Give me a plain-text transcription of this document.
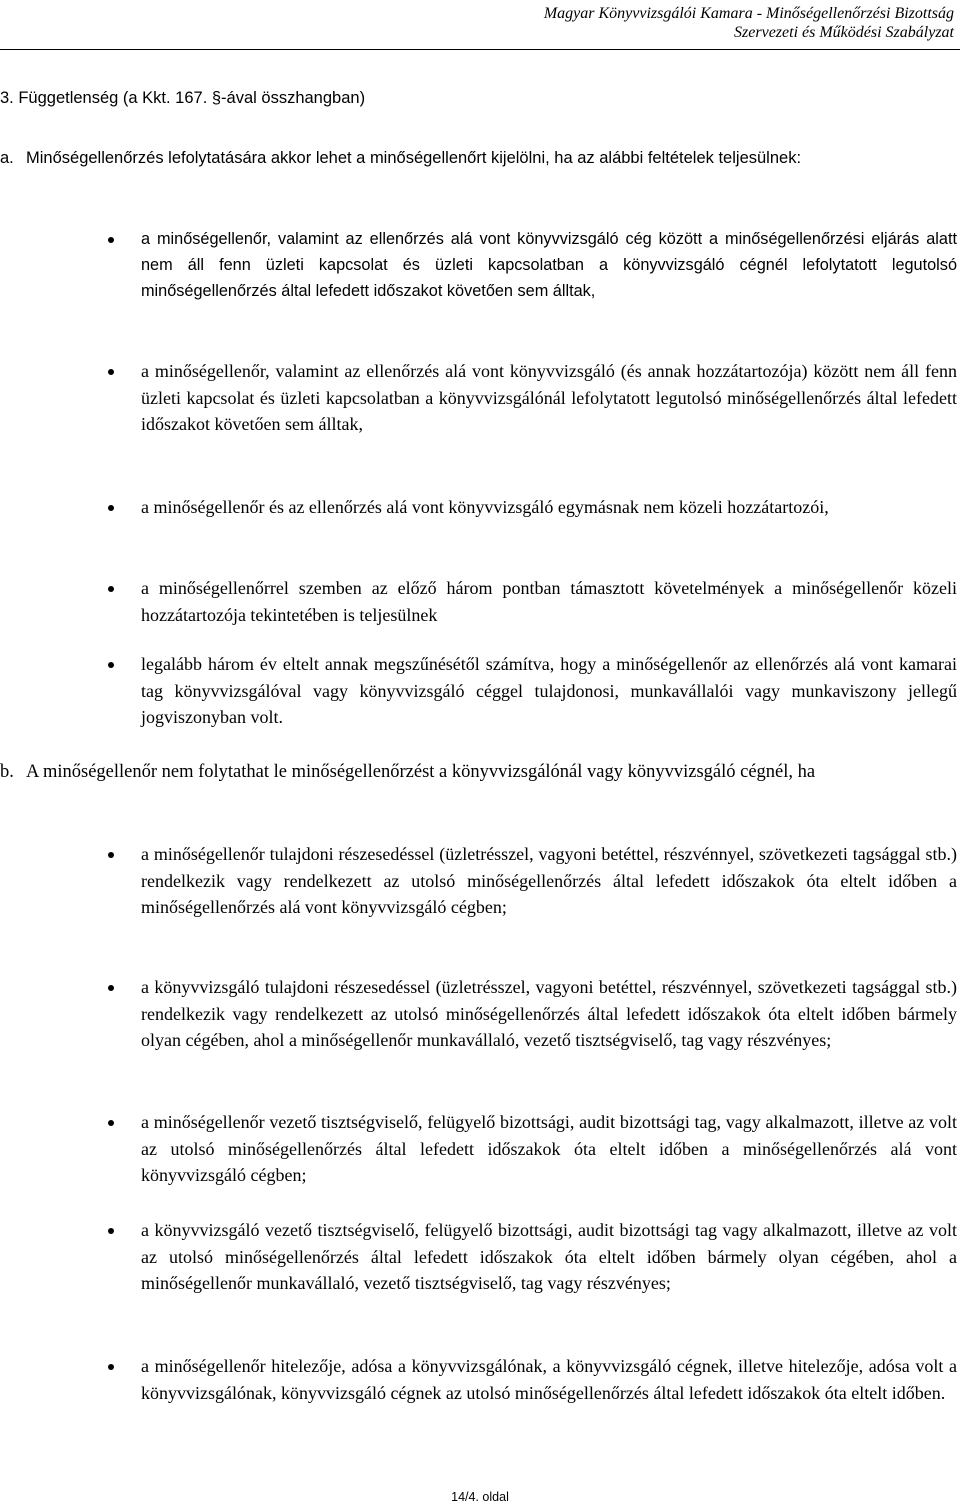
Magyar Könyvvizsgálói Kamara - Minőségellenőrzési Bizottság
Szervezeti és Működési Szabályzat
3. Függetlenség (a Kkt. 167. §-ával összhangban)
a. Minőségellenőrzés lefolytatására akkor lehet a minőségellenőrt kijelölni, ha az alábbi feltételek teljesülnek:
a minőségellenőr, valamint az ellenőrzés alá vont könyvvizsgáló cég között a minőségellenőrzési eljárás alatt nem áll fenn üzleti kapcsolat és üzleti kapcsolatban a könyvvizsgáló cégnél lefolytatott legutolsó minőségellenőrzés által lefedett időszakot követően sem álltak,
a minőségellenőr, valamint az ellenőrzés alá vont könyvvizsgáló (és annak hozzátartozója) között nem áll fenn üzleti kapcsolat és üzleti kapcsolatban a könyvvizsgálónál lefolytatott legutolsó minőségellenőrzés által lefedett időszakot követően sem álltak,
a minőségellenőr és az ellenőrzés alá vont könyvvizsgáló egymásnak nem közeli hozzátartozói,
a minőségellenőrrel szemben az előző három pontban támasztott követelmények a minőségellenőr közeli hozzátartozója tekintetében is teljesülnek
legalább három év eltelt annak megszűnésétől számítva, hogy a minőségellenőr az ellenőrzés alá vont kamarai tag könyvvizsgálóval vagy könyvvizsgáló céggel tulajdonosi, munkavállalói vagy munkaviszony jellegű jogviszonyban volt.
b. A minőségellenőr nem folytathat le minőségellenőrzést a könyvvizsgálónál vagy könyvvizsgáló cégnél, ha
a minőségellenőr tulajdoni részesedéssel (üzletrésszel, vagyoni betéttel, részvénnyel, szövetkezeti tagsággal stb.) rendelkezik vagy rendelkezett az utolsó minőségellenőrzés által lefedett időszakok óta eltelt időben a minőségellenőrzés alá vont könyvvizsgáló cégben;
a könyvvizsgáló tulajdoni részesedéssel (üzletrésszel, vagyoni betéttel, részvénnyel, szövetkezeti tagsággal stb.) rendelkezik vagy rendelkezett az utolsó minőségellenőrzés által lefedett időszakok óta eltelt időben bármely olyan cégében, ahol a minőségellenőr munkavállaló, vezető tisztségviselő, tag vagy részvényes;
a minőségellenőr vezető tisztségviselő, felügyelő bizottsági, audit bizottsági tag, vagy alkalmazott, illetve az volt az utolsó minőségellenőrzés által lefedett időszakok óta eltelt időben a minőségellenőrzés alá vont könyvvizsgáló cégben;
a könyvvizsgáló vezető tisztségviselő, felügyelő bizottsági, audit bizottsági tag vagy alkalmazott, illetve az volt az utolsó minőségellenőrzés által lefedett időszakok óta eltelt időben bármely olyan cégében, ahol a minőségellenőr munkavállaló, vezető tisztségviselő, tag vagy részvényes;
a minőségellenőr hitelezője, adósa a könyvvizsgálónak, a könyvvizsgáló cégnek, illetve hitelezője, adósa volt a könyvvizsgálónak, könyvvizsgáló cégnek az utolsó minőségellenőrzés által lefedett időszakok óta eltelt időben.
14/4. oldal
